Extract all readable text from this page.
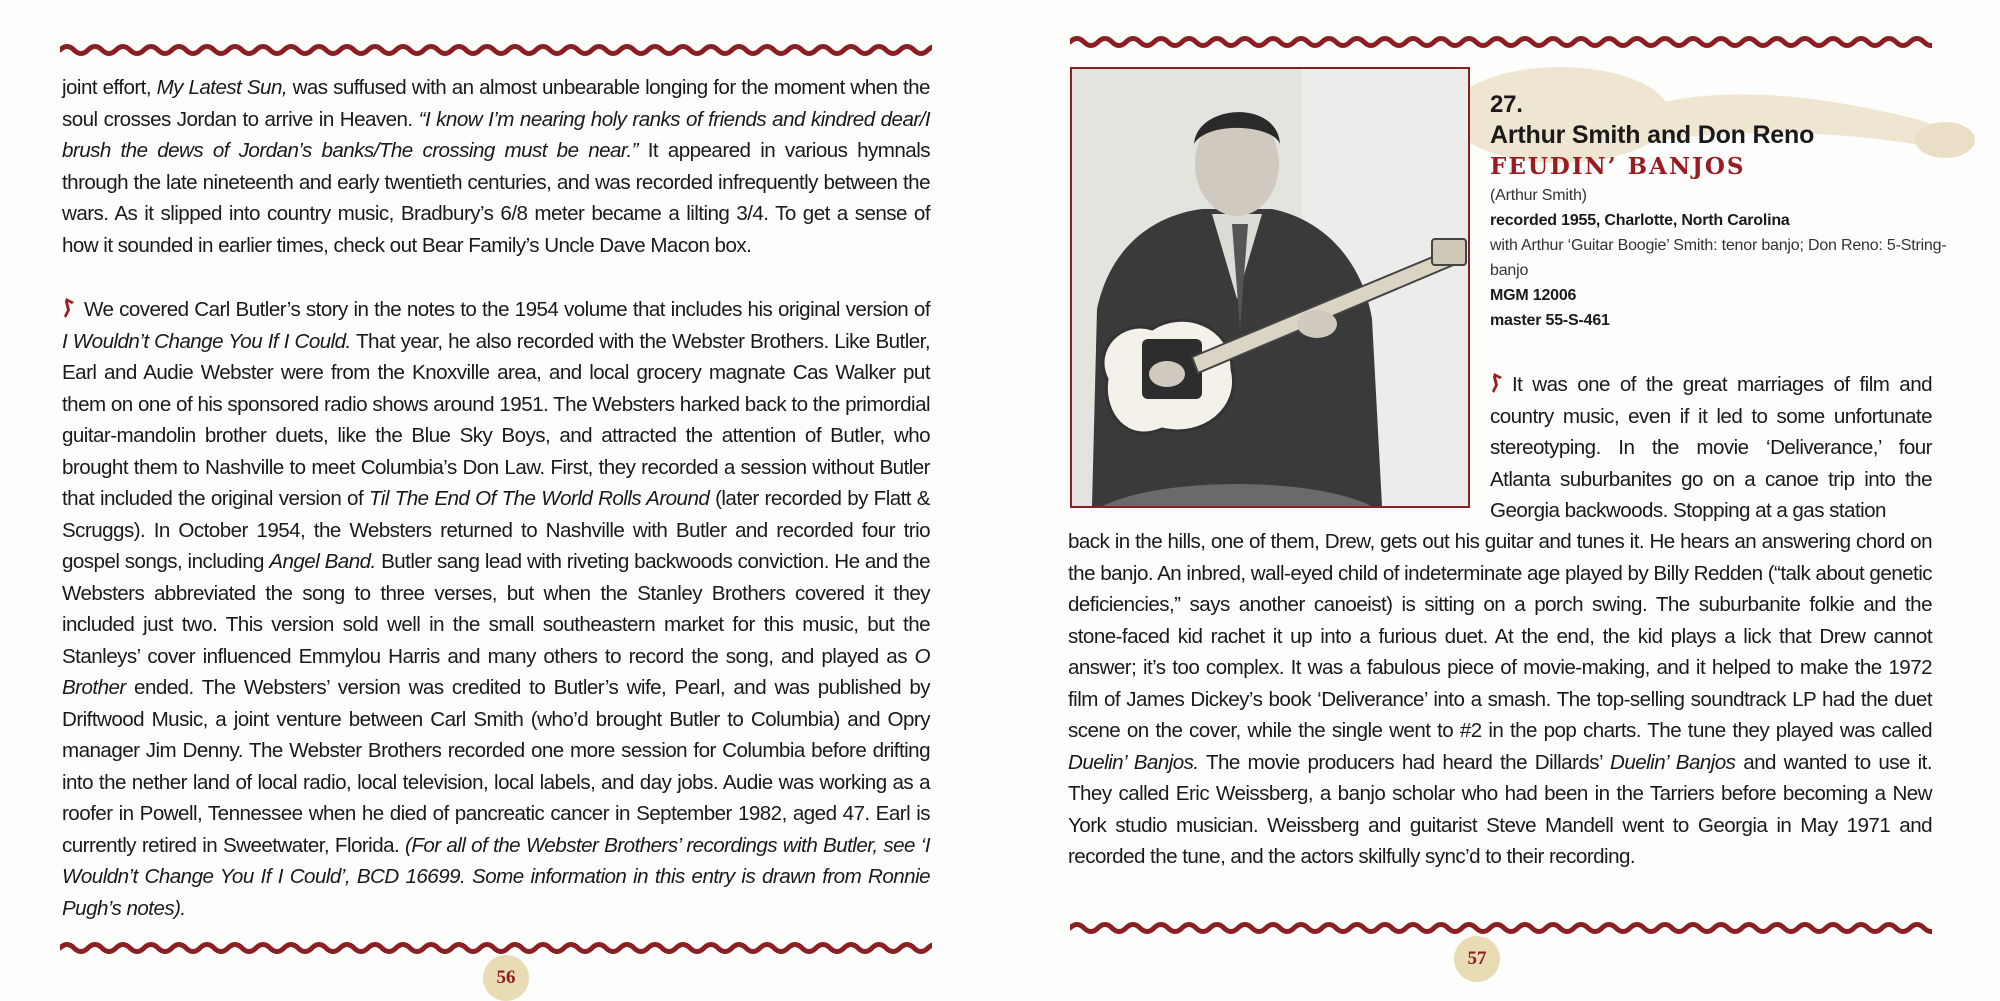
joint effort, My Latest Sun, was suffused with an almost unbearable longing for the moment when the soul crosses Jordan to arrive in Heaven. “I know I’m nearing holy ranks of friends and kindred dear/I brush the dews of Jordan’s banks/The crossing must be near.” It appeared in various hymnals through the late nineteenth and early twentieth centuries, and was recorded infrequently between the wars. As it slipped into country music, Bradbury’s 6/8 meter became a lilting 3/4. To get a sense of how it sounded in earlier times, check out Bear Family’s Uncle Dave Macon box.

We covered Carl Butler’s story in the notes to the 1954 volume that includes his original version of I Wouldn’t Change You If I Could. That year, he also recorded with the Webster Brothers. Like Butler, Earl and Audie Webster were from the Knoxville area, and local grocery magnate Cas Walker put them on one of his sponsored radio shows around 1951. The Websters harked back to the primordial guitar-mandolin brother duets, like the Blue Sky Boys, and attracted the attention of Butler, who brought them to Nashville to meet Columbia’s Don Law. First, they recorded a session without Butler that included the original version of Til The End Of The World Rolls Around (later recorded by Flatt & Scruggs). In October 1954, the Websters returned to Nashville with Butler and recorded four trio gospel songs, including Angel Band. Butler sang lead with riveting backwoods conviction. He and the Websters abbreviated the song to three verses, but when the Stanley Brothers covered it they included just two. This version sold well in the small southeastern market for this music, but the Stanleys’ cover influenced Emmylou Harris and many others to record the song, and played as O Brother ended. The Websters’ version was credited to Butler’s wife, Pearl, and was published by Driftwood Music, a joint venture between Carl Smith (who’d brought Butler to Columbia) and Opry manager Jim Denny. The Webster Brothers recorded one more session for Columbia before drifting into the nether land of local radio, local television, local labels, and day jobs. Audie was working as a roofer in Powell, Tennessee when he died of pancreatic cancer in September 1982, aged 47. Earl is currently retired in Sweetwater, Florida. (For all of the Webster Brothers’ recordings with Butler, see ‘I Wouldn’t Change You If I Could’, BCD 16699. Some information in this entry is drawn from Ronnie Pugh’s notes).

56
27.
Arthur Smith and Don Reno
FEUDIN’ BANJOS
(Arthur Smith)
recorded 1955, Charlotte, North Carolina
with Arthur ‘Guitar Boogie’ Smith: tenor banjo; Don Reno: 5-String-banjo
MGM 12006
master 55-S-461

It was one of the great marriages of film and country music, even if it led to some unfortunate stereotyping. In the movie ‘Deliverance,’ four Atlanta suburbanites go on a canoe trip into the Georgia backwoods. Stopping at a gas station

back in the hills, one of them, Drew, gets out his guitar and tunes it. He hears an answering chord on the banjo. An inbred, wall-eyed child of indeterminate age played by Billy Redden (“talk about genetic deficiencies,” says another canoeist) is sitting on a porch swing. The suburbanite folkie and the stone-faced kid rachet it up into a furious duet. At the end, the kid plays a lick that Drew cannot answer; it’s too complex. It was a fabulous piece of movie-making, and it helped to make the 1972 film of James Dickey’s book ‘Deliverance’ into a smash. The top-selling soundtrack LP had the duet scene on the cover, while the single went to #2 in the pop charts. The tune they played was called Duelin’ Banjos. The movie producers had heard the Dillards’ Duelin’ Banjos and wanted to use it. They called Eric Weissberg, a banjo scholar who had been in the Tarriers before becoming a New York studio musician. Weissberg and guitarist Steve Mandell went to Georgia in May 1971 and recorded the tune, and the actors skilfully sync’d to their recording.

57
